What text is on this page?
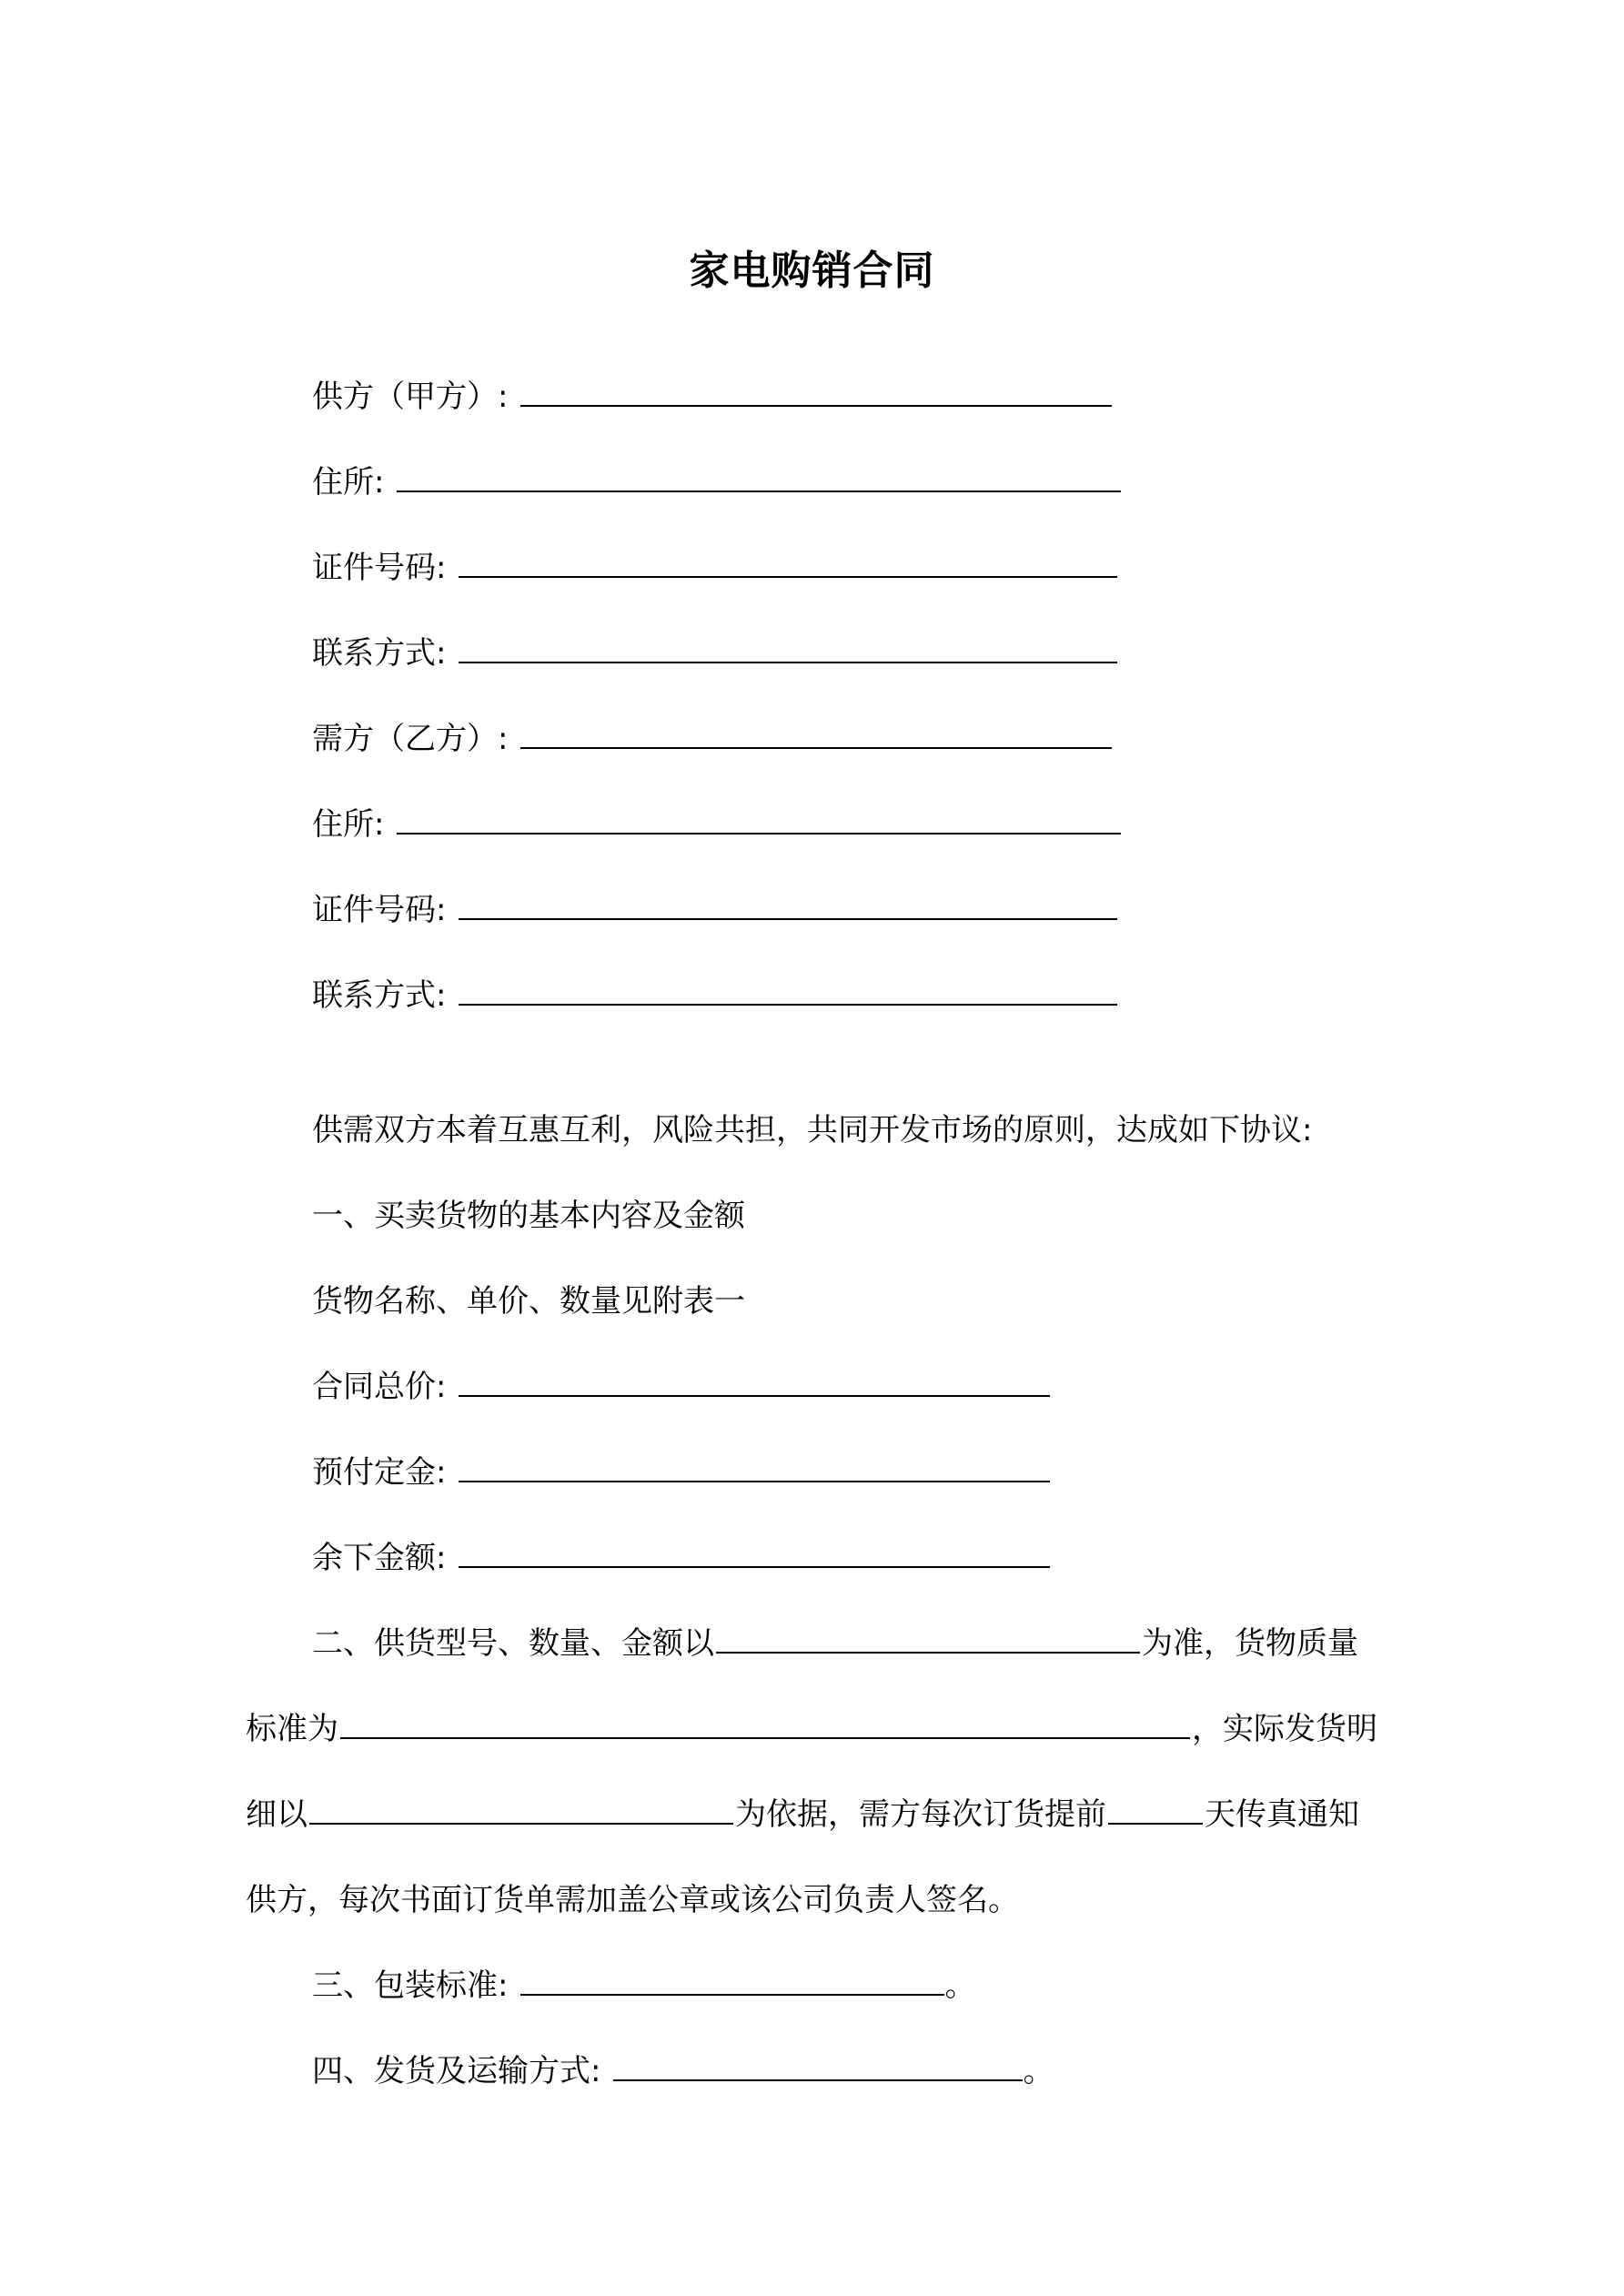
家电购销合同
供方（甲方）:
住所:
证件号码:
联系方式:
需方（乙方）:
住所:
证件号码:
联系方式:
供需双方本着互惠互利，风险共担，共同开发市场的原则，达成如下协议:
一、买卖货物的基本内容及金额
货物名称、单价、数量见附表一
合同总价:
预付定金:
余下金额:
二、供货型号、数量、金额以	为准，货物质量
标准为	，实际发货明
细以	为依据，需方每次订货提前	天传真通知
供方，每次书面订货单需加盖公章或该公司负责人签名。
三、包装标准:	。
四、发货及运输方式:	。
